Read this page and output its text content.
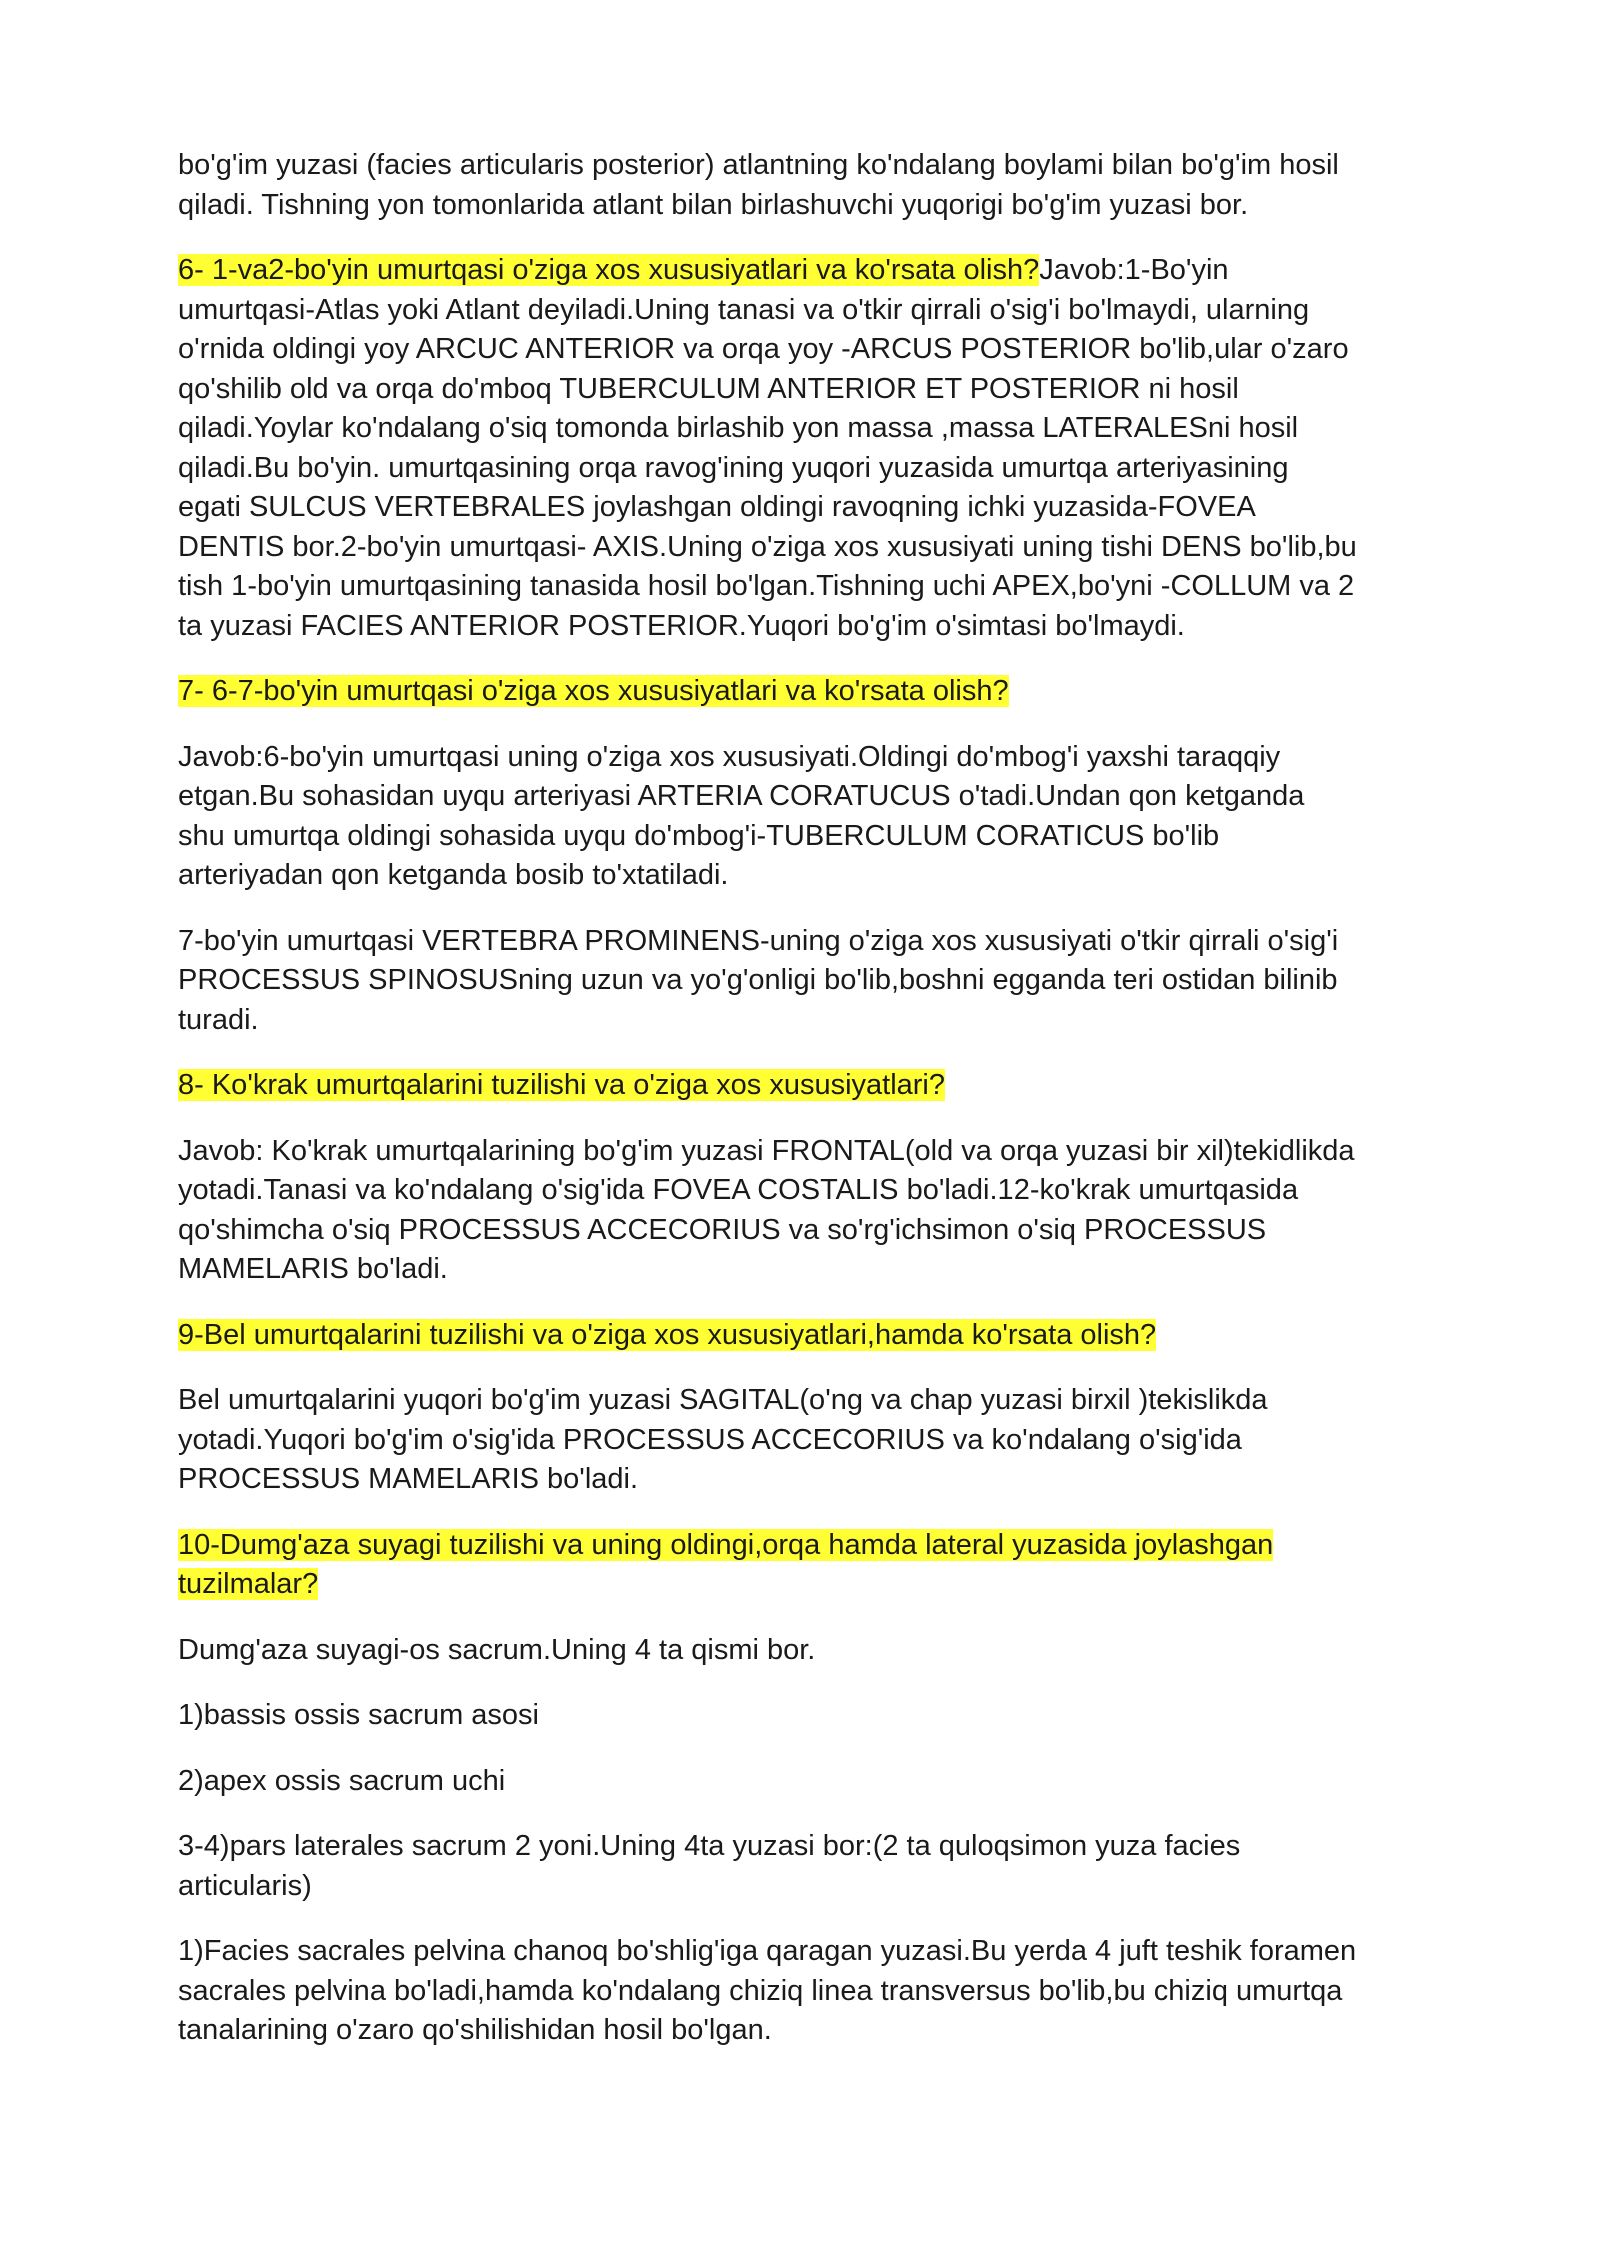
bo'g'im yuzasi (facies articularis posterior) atlantning ko'ndalang boylami bilan bo'g'im hosil qiladi. Tishning yon tomonlarida atlant bilan birlashuvchi yuqorigi bo'g'im yuzasi bor.

6- 1-va2-bo'yin umurtqasi o'ziga xos xususiyatlari va ko'rsata olish?Javob:1-Bo'yin umurtqasi-Atlas yoki Atlant deyiladi.Uning tanasi va o'tkir qirrali o'sig'i bo'lmaydi, ularning o'rnida oldingi yoy ARCUC ANTERIOR va orqa yoy -ARCUS POSTERIOR bo'lib,ular o'zaro qo'shilib old va orqa do'mboq TUBERCULUM ANTERIOR ET POSTERIOR ni hosil qiladi.Yoylar ko'ndalang o'siq tomonda birlashib yon massa ,massa LATERALESni hosil qiladi.Bu bo'yin. umurtqasining orqa ravog'ining yuqori yuzasida umurtqa arteriyasining egati SULCUS VERTEBRALES joylashgan oldingi ravoqning ichki yuzasida-FOVEA DENTIS bor.2-bo'yin umurtqasi- AXIS.Uning o'ziga xos xususiyati uning tishi DENS bo'lib,bu tish 1-bo'yin umurtqasining tanasida hosil bo'lgan.Tishning uchi APEX,bo'yni -COLLUM va 2 ta yuzasi FACIES ANTERIOR POSTERIOR.Yuqori bo'g'im o'simtasi bo'lmaydi.

7- 6-7-bo'yin umurtqasi o'ziga xos xususiyatlari va ko'rsata olish?

Javob:6-bo'yin umurtqasi uning o'ziga xos xususiyati.Oldingi do'mbog'i yaxshi taraqqiy etgan.Bu sohasidan uyqu arteriyasi ARTERIA CORATUCUS o'tadi.Undan qon ketganda shu umurtqa oldingi sohasida uyqu do'mbog'i-TUBERCULUM CORATICUS bo'lib arteriyadan qon ketganda bosib to'xtatiladi.

7-bo'yin umurtqasi VERTEBRA PROMINENS-uning o'ziga xos xususiyati o'tkir qirrali o'sig'i PROCESSUS SPINOSUSning uzun va yo'g'onligi bo'lib,boshni egganda teri ostidan bilinib turadi.

8- Ko'krak umurtqalarini tuzilishi va o'ziga xos xususiyatlari?

Javob: Ko'krak umurtqalarining bo'g'im yuzasi FRONTAL(old va orqa yuzasi bir xil)tekidlikda yotadi.Tanasi va ko'ndalang o'sig'ida FOVEA COSTALIS bo'ladi.12-ko'krak umurtqasida qo'shimcha o'siq PROCESSUS ACCECORIUS va so'rg'ichsimon o'siq PROCESSUS MAMELARIS bo'ladi.

9-Bel umurtqalarini tuzilishi va o'ziga xos xususiyatlari,hamda ko'rsata olish?

Bel umurtqalarini yuqori bo'g'im yuzasi SAGITAL(o'ng va chap yuzasi birxil )tekislikda yotadi.Yuqori bo'g'im o'sig'ida PROCESSUS ACCECORIUS va ko'ndalang o'sig'ida PROCESSUS MAMELARIS bo'ladi.

10-Dumg'aza suyagi tuzilishi va uning oldingi,orqa hamda lateral yuzasida joylashgan tuzilmalar?

Dumg'aza suyagi-os sacrum.Uning 4 ta qismi bor.

1)bassis ossis sacrum asosi

2)apex ossis sacrum uchi

3-4)pars laterales sacrum 2 yoni.Uning 4ta yuzasi bor:(2 ta quloqsimon yuza facies articularis)

1)Facies sacrales pelvina chanoq bo'shlig'iga qaragan yuzasi.Bu yerda 4 juft teshik foramen sacrales pelvina bo'ladi,hamda ko'ndalang chiziq linea transversus bo'lib,bu chiziq umurtqa tanalarining o'zaro qo'shilishidan hosil bo'lgan.
